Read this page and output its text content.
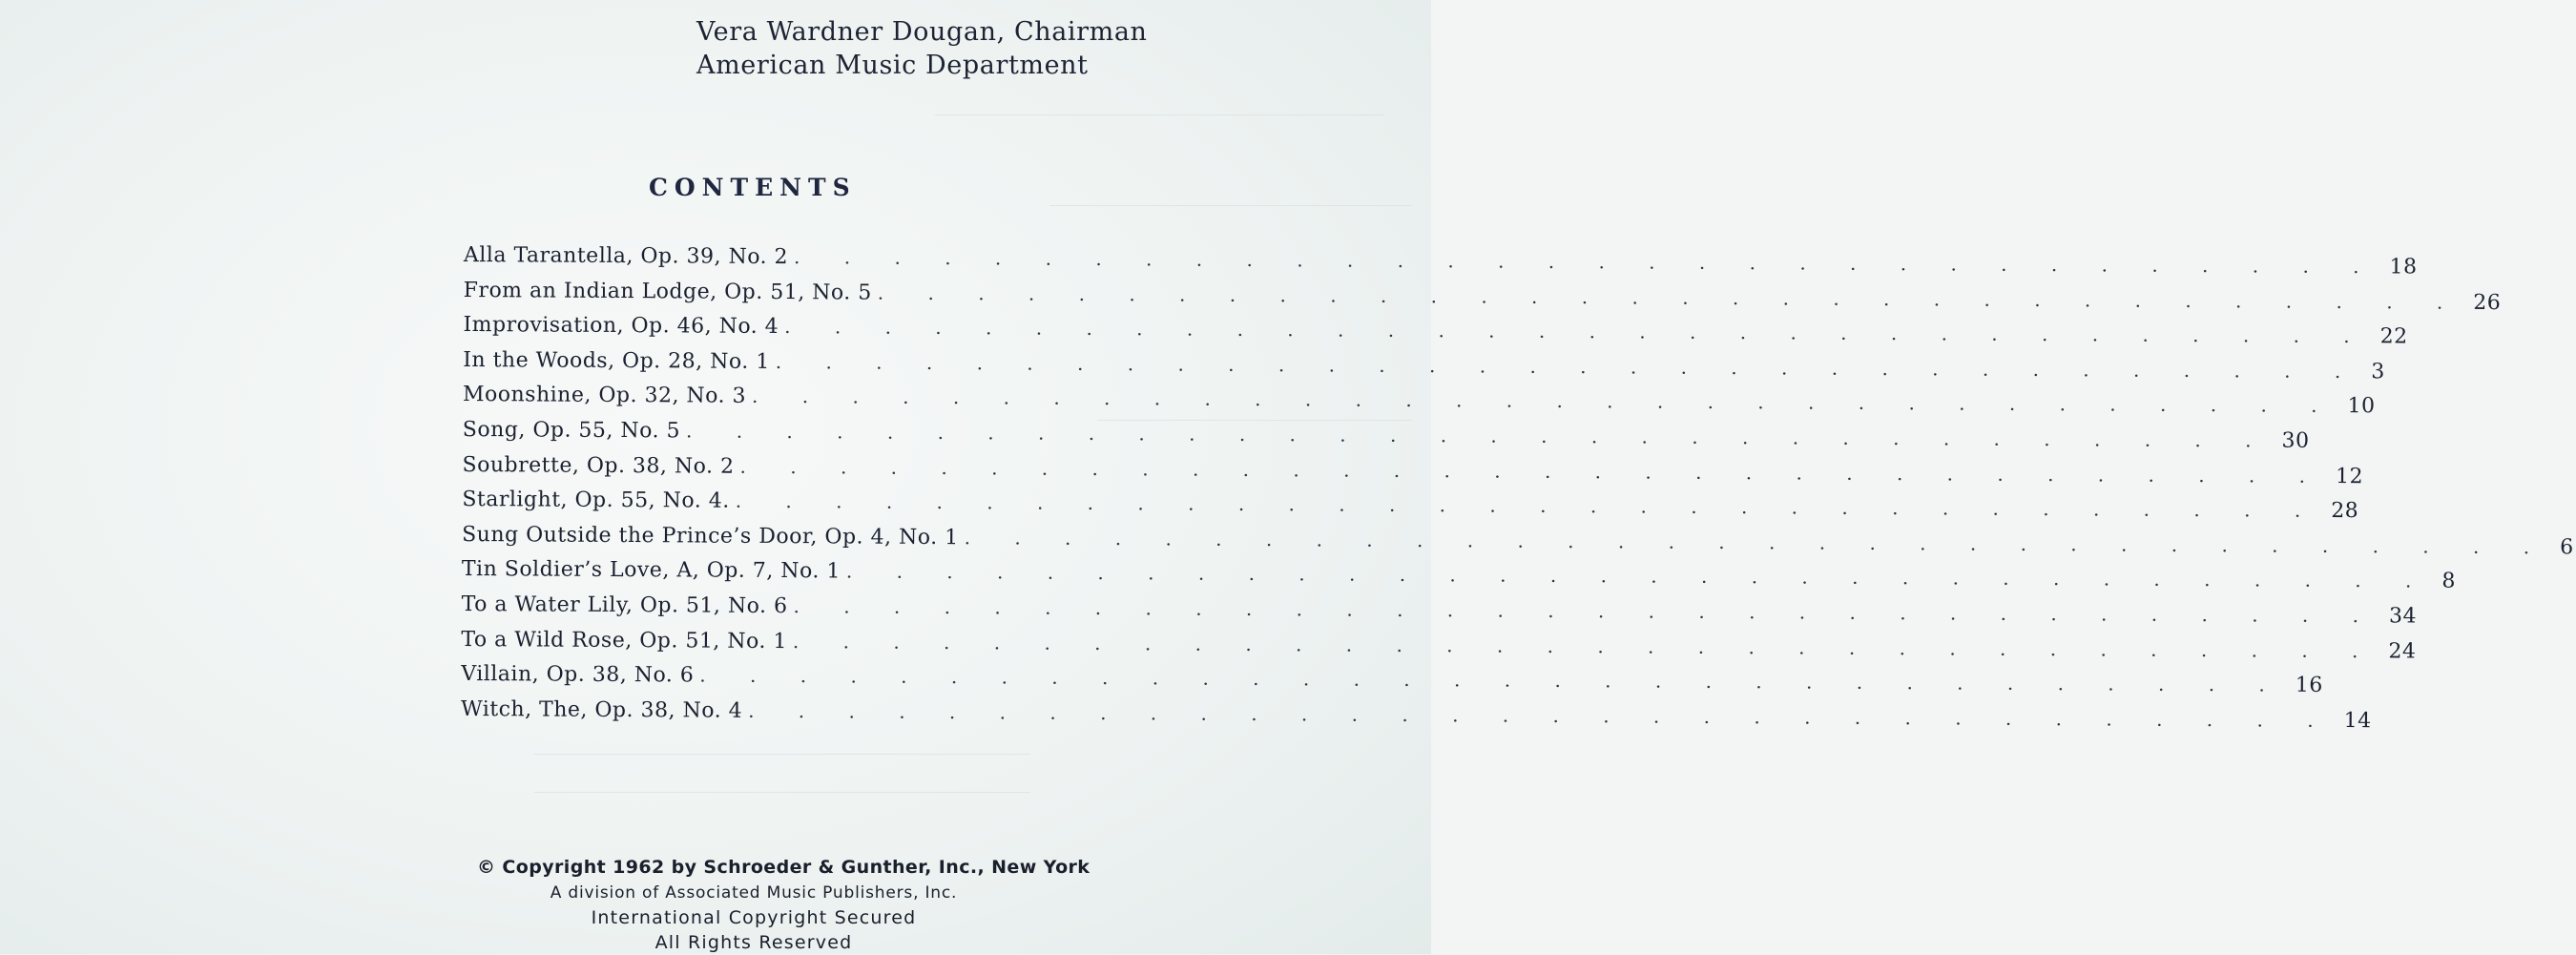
Vera Wardner Dougan, Chairman
American Music Department
CONTENTS
Alla Tarantella, Op. 39, No. 2 . . . . . . . . . . . . . . . . . . . . . . . . . . . . . . . . 18
From an Indian Lodge, Op. 51, No. 5 . . . . . . . . . . . . . . . . . . . . . . . . . . . . . . . . 26
Improvisation, Op. 46, No. 4 . . . . . . . . . . . . . . . . . . . . . . . . . . . . . . . . 22
In the Woods, Op. 28, No. 1 . . . . . . . . . . . . . . . . . . . . . . . . . . . . . . . . 3
Moonshine, Op. 32, No. 3 . . . . . . . . . . . . . . . . . . . . . . . . . . . . . . . . 10
Song, Op. 55, No. 5 . . . . . . . . . . . . . . . . . . . . . . . . . . . . . . . . 30
Soubrette, Op. 38, No. 2 . . . . . . . . . . . . . . . . . . . . . . . . . . . . . . . . 12
Starlight, Op. 55, No. 4. . . . . . . . . . . . . . . . . . . . . . . . . . . . . . . . . 28
Sung Outside the Prince’s Door, Op. 4, No. 1 . . . . . . . . . . . . . . . . . . . . . . . . . . . . . . . . 6
Tin Soldier’s Love, A, Op. 7, No. 1 . . . . . . . . . . . . . . . . . . . . . . . . . . . . . . . . 8
To a Water Lily, Op. 51, No. 6 . . . . . . . . . . . . . . . . . . . . . . . . . . . . . . . . 34
To a Wild Rose, Op. 51, No. 1 . . . . . . . . . . . . . . . . . . . . . . . . . . . . . . . . 24
Villain, Op. 38, No. 6 . . . . . . . . . . . . . . . . . . . . . . . . . . . . . . . . 16
Witch, The, Op. 38, No. 4 . . . . . . . . . . . . . . . . . . . . . . . . . . . . . . . . 14
© Copyright 1962 by Schroeder & Gunther, Inc., New York
A division of Associated Music Publishers, Inc.
International Copyright Secured
All Rights Reserved
